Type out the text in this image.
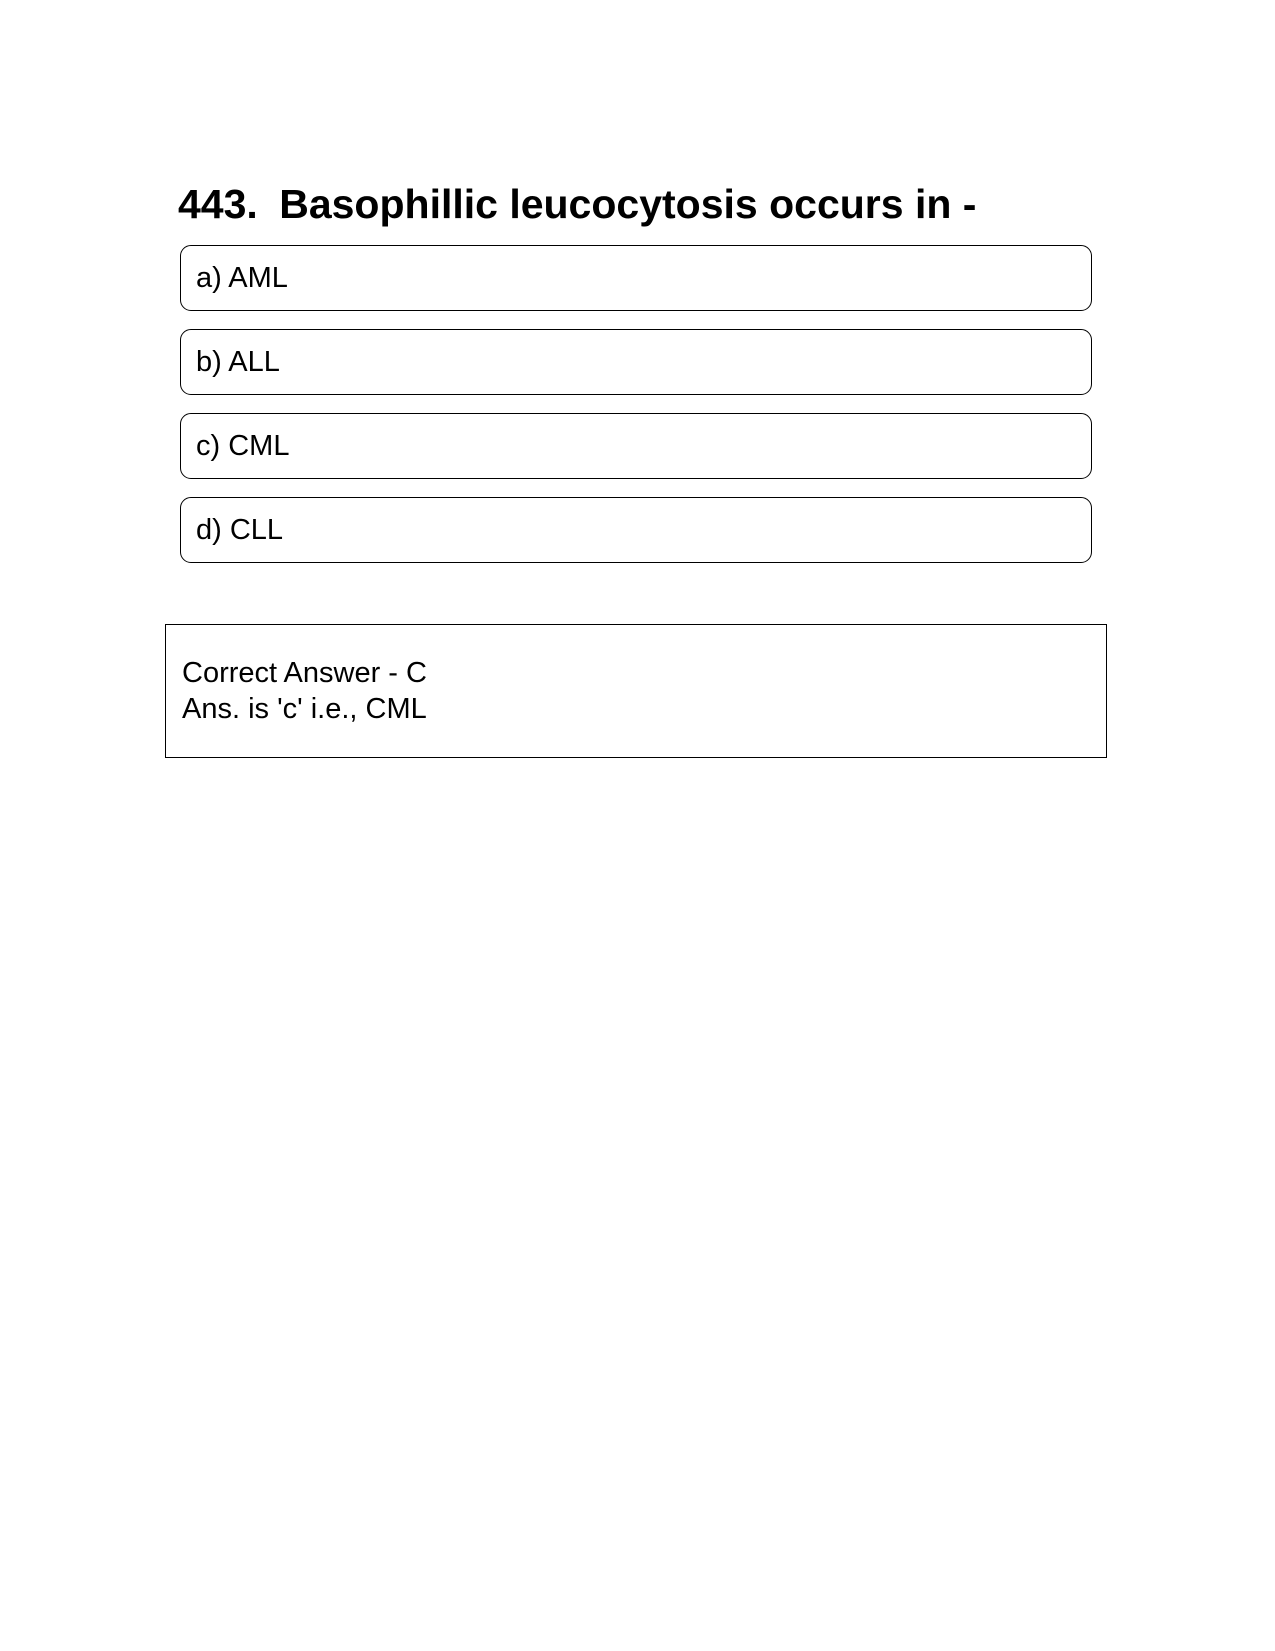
443. Basophillic leucocytosis occurs in -
a) AML
b) ALL
c) CML
d) CLL
Correct Answer - C
Ans. is 'c' i.e., CML
